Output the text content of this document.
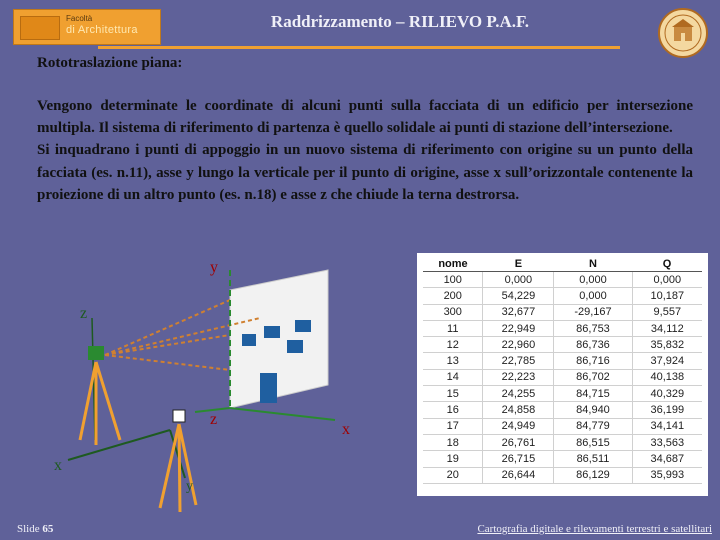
Facoltà
di Architettura	Raddrizzamento – RILIEVO P.A.F.
Rototraslazione piana:

Vengono determinate le coordinate di alcuni punti sulla facciata di un edificio per intersezione multipla. Il sistema di riferimento di partenza è quello solidale ai punti di stazione dell’intersezione.

Si inquadrano i punti di appoggio in un nuovo sistema di riferimento con origine su un punto della facciata (es. n.11), asse y lungo la verticale per il punto di origine, asse x sull’orizzontale contenente la proiezione di un altro punto (es. n.18) e asse z che chiude la terna destrorsa.

y
z
z
x
x
y
nome	E	N	Q
100	0,000	0,000	0,000
200	54,229	0,000	10,187
300	32,677	-29,167	9,557
11	22,949	86,753	34,112
12	22,960	86,736	35,832
13	22,785	86,716	37,924
14	22,223	86,702	40,138
15	24,255	84,715	40,329
16	24,858	84,940	36,199
17	24,949	84,779	34,141
18	26,761	86,515	33,563
19	26,715	86,511	34,687
20	26,644	86,129	35,993
Slide 65	Cartografia digitale e rilevamenti terrestri e satellitari
